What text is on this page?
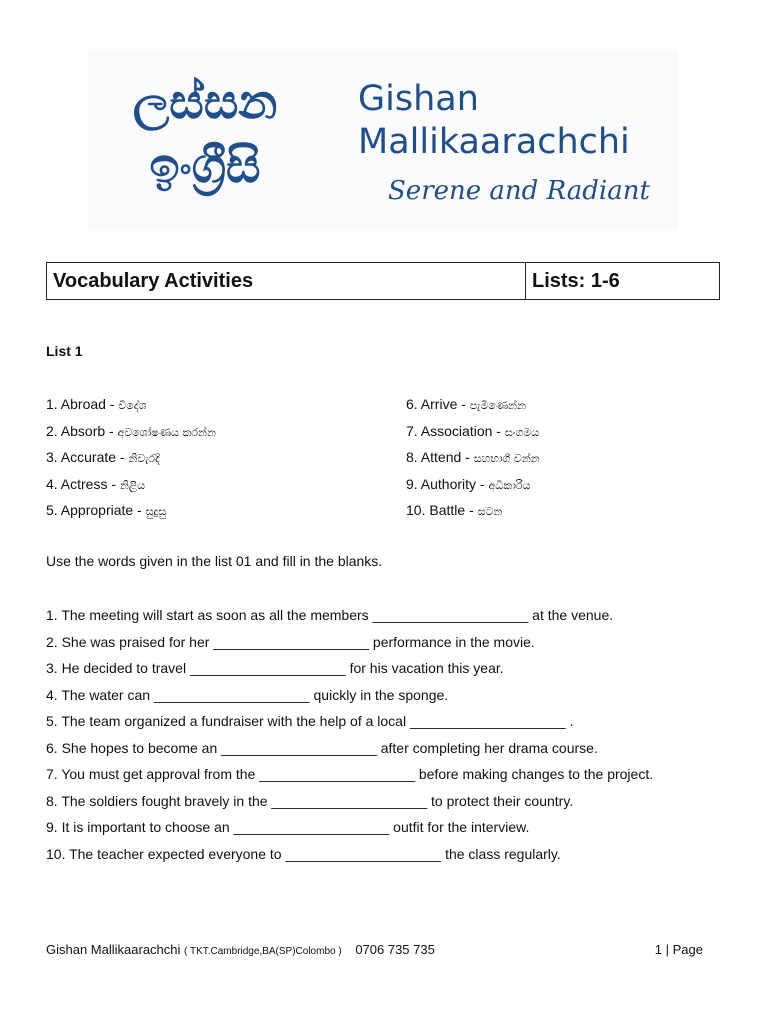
ලස්සන
ඉංග්‍රීසි
Gishan
Mallikaarachchi
Serene and Radiant
Vocabulary Activities	Lists: 1-6
List 1
1. Abroad - විදේශ
2. Absorb - අවශෝෂණය කරන්න
3. Accurate - නිවැරදි
4. Actress - නිළිය
5. Appropriate - සුදුසු
6. Arrive - පැමිණෙන්න
7. Association - සංගමය
8. Attend - සහභාගී වන්න
9. Authority - අධිකාරිය
10. Battle - සටන
Use the words given in the list 01 and fill in the blanks.
1. The meeting will start as soon as all the members ____________________ at the venue.
2. She was praised for her ____________________ performance in the movie.
3. He decided to travel ____________________ for his vacation this year.
4. The water can ____________________ quickly in the sponge.
5. The team organized a fundraiser with the help of a local ____________________ .
6. She hopes to become an ____________________ after completing her drama course.
7. You must get approval from the ____________________ before making changes to the project.
8. The soldiers fought bravely in the ____________________ to protect their country.
9. It is important to choose an ____________________ outfit for the interview.
10. The teacher expected everyone to ____________________ the class regularly.
Gishan Mallikaarachchi ( TKT.Cambridge,BA(SP)Colombo ) 0706 735 735	1 | Page
